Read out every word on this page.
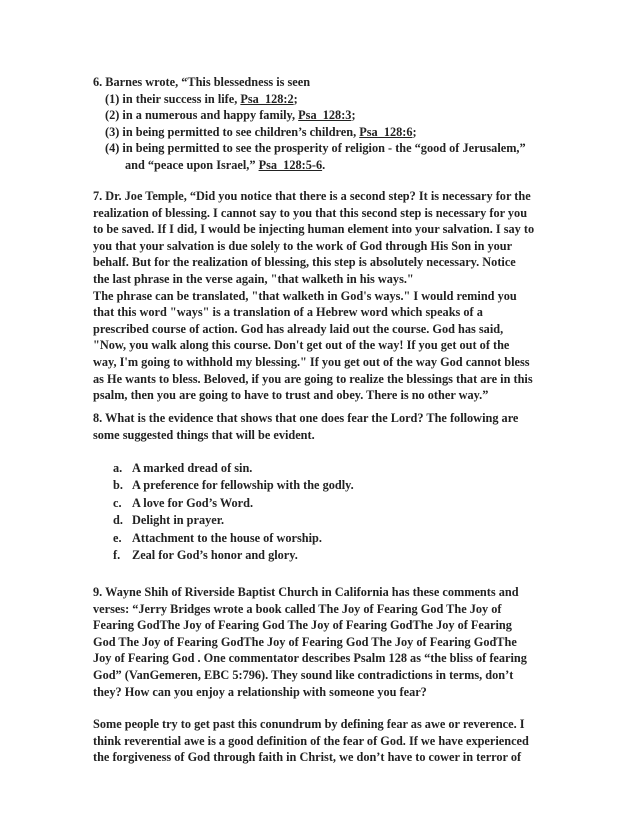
6. Barnes wrote, “This blessedness is seen
(1) in their success in life, Psa_128:2;
(2) in a numerous and happy family, Psa_128:3;
(3) in being permitted to see children’s children, Psa_128:6;
(4) in being permitted to see the prosperity of religion - the “good of Jerusalem,”
and “peace upon Israel,” Psa_128:5-6.
7. Dr. Joe Temple, “Did you notice that there is a second step? It is necessary for the
realization of blessing. I cannot say to you that this second step is necessary for you
to be saved. If I did, I would be injecting human element into your salvation. I say to
you that your salvation is due solely to the work of God through His Son in your
behalf. But for the realization of blessing, this step is absolutely necessary. Notice
the last phrase in the verse again, "that walketh in his ways."
The phrase can be translated, "that walketh in God's ways." I would remind you
that this word "ways" is a translation of a Hebrew word which speaks of a
prescribed course of action. God has already laid out the course. God has said,
"Now, you walk along this course. Don't get out of the way! If you get out of the
way, I'm going to withhold my blessing." If you get out of the way God cannot bless
as He wants to bless. Beloved, if you are going to realize the blessings that are in this
psalm, then you are going to have to trust and obey. There is no other way.”
8. What is the evidence that shows that one does fear the Lord? The following are
some suggested things that will be evident.
a. A marked dread of sin.
b. A preference for fellowship with the godly.
c. A love for God’s Word.
d. Delight in prayer.
e. Attachment to the house of worship.
f. Zeal for God’s honor and glory.
9. Wayne Shih of Riverside Baptist Church in California has these comments and
verses: “Jerry Bridges wrote a book called The Joy of Fearing God The Joy of
Fearing GodThe Joy of Fearing God The Joy of Fearing GodThe Joy of Fearing
God The Joy of Fearing GodThe Joy of Fearing God The Joy of Fearing GodThe
Joy of Fearing God . One commentator describes Psalm 128 as “the bliss of fearing
God” (VanGemeren, EBC 5:796). They sound like contradictions in terms, don’t
they? How can you enjoy a relationship with someone you fear?
Some people try to get past this conundrum by defining fear as awe or reverence. I
think reverential awe is a good definition of the fear of God. If we have experienced
the forgiveness of God through faith in Christ, we don’t have to cower in terror of
